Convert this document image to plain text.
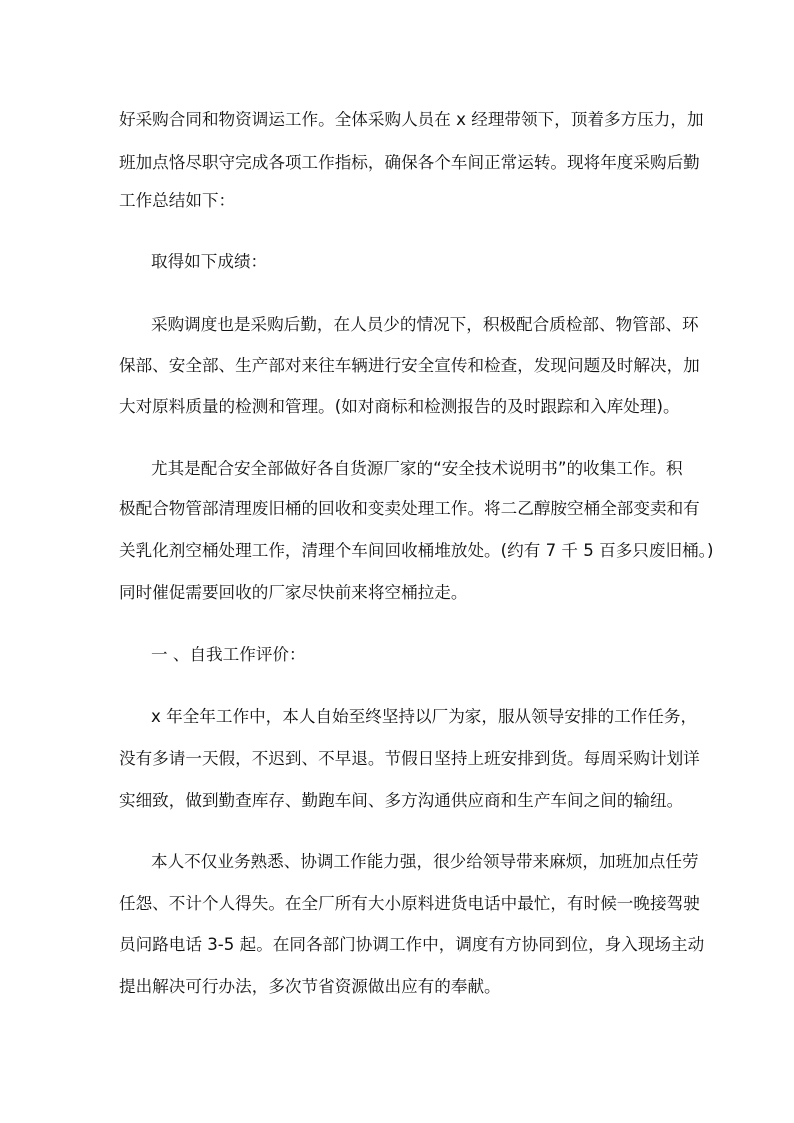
好采购合同和物资调运工作。全体采购人员在 x 经理带领下，顶着多方压力，加
班加点恪尽职守完成各项工作指标，确保各个车间正常运转。现将年度采购后勤
工作总结如下：
取得如下成绩：
采购调度也是采购后勤，在人员少的情况下，积极配合质检部、物管部、环
保部、安全部、生产部对来往车辆进行安全宣传和检查，发现问题及时解决，加
大对原料质量的检测和管理。(如对商标和检测报告的及时跟踪和入库处理)。
尤其是配合安全部做好各自货源厂家的“安全技术说明书”的收集工作。积
极配合物管部清理废旧桶的回收和变卖处理工作。将二乙醇胺空桶全部变卖和有
关乳化剂空桶处理工作，清理个车间回收桶堆放处。(约有 7 千 5 百多只废旧桶。)
同时催促需要回收的厂家尽快前来将空桶拉走。
一 、自我工作评价：
x 年全年工作中，本人自始至终坚持以厂为家，服从领导安排的工作任务，
没有多请一天假，不迟到、不早退。节假日坚持上班安排到货。每周采购计划详
实细致，做到勤查库存、勤跑车间、多方沟通供应商和生产车间之间的输纽。
本人不仅业务熟悉、协调工作能力强，很少给领导带来麻烦，加班加点任劳
任怨、不计个人得失。在全厂所有大小原料进货电话中最忙，有时候一晚接驾驶
员问路电话 3-5 起。在同各部门协调工作中，调度有方协同到位，身入现场主动
提出解决可行办法，多次节省资源做出应有的奉献。
